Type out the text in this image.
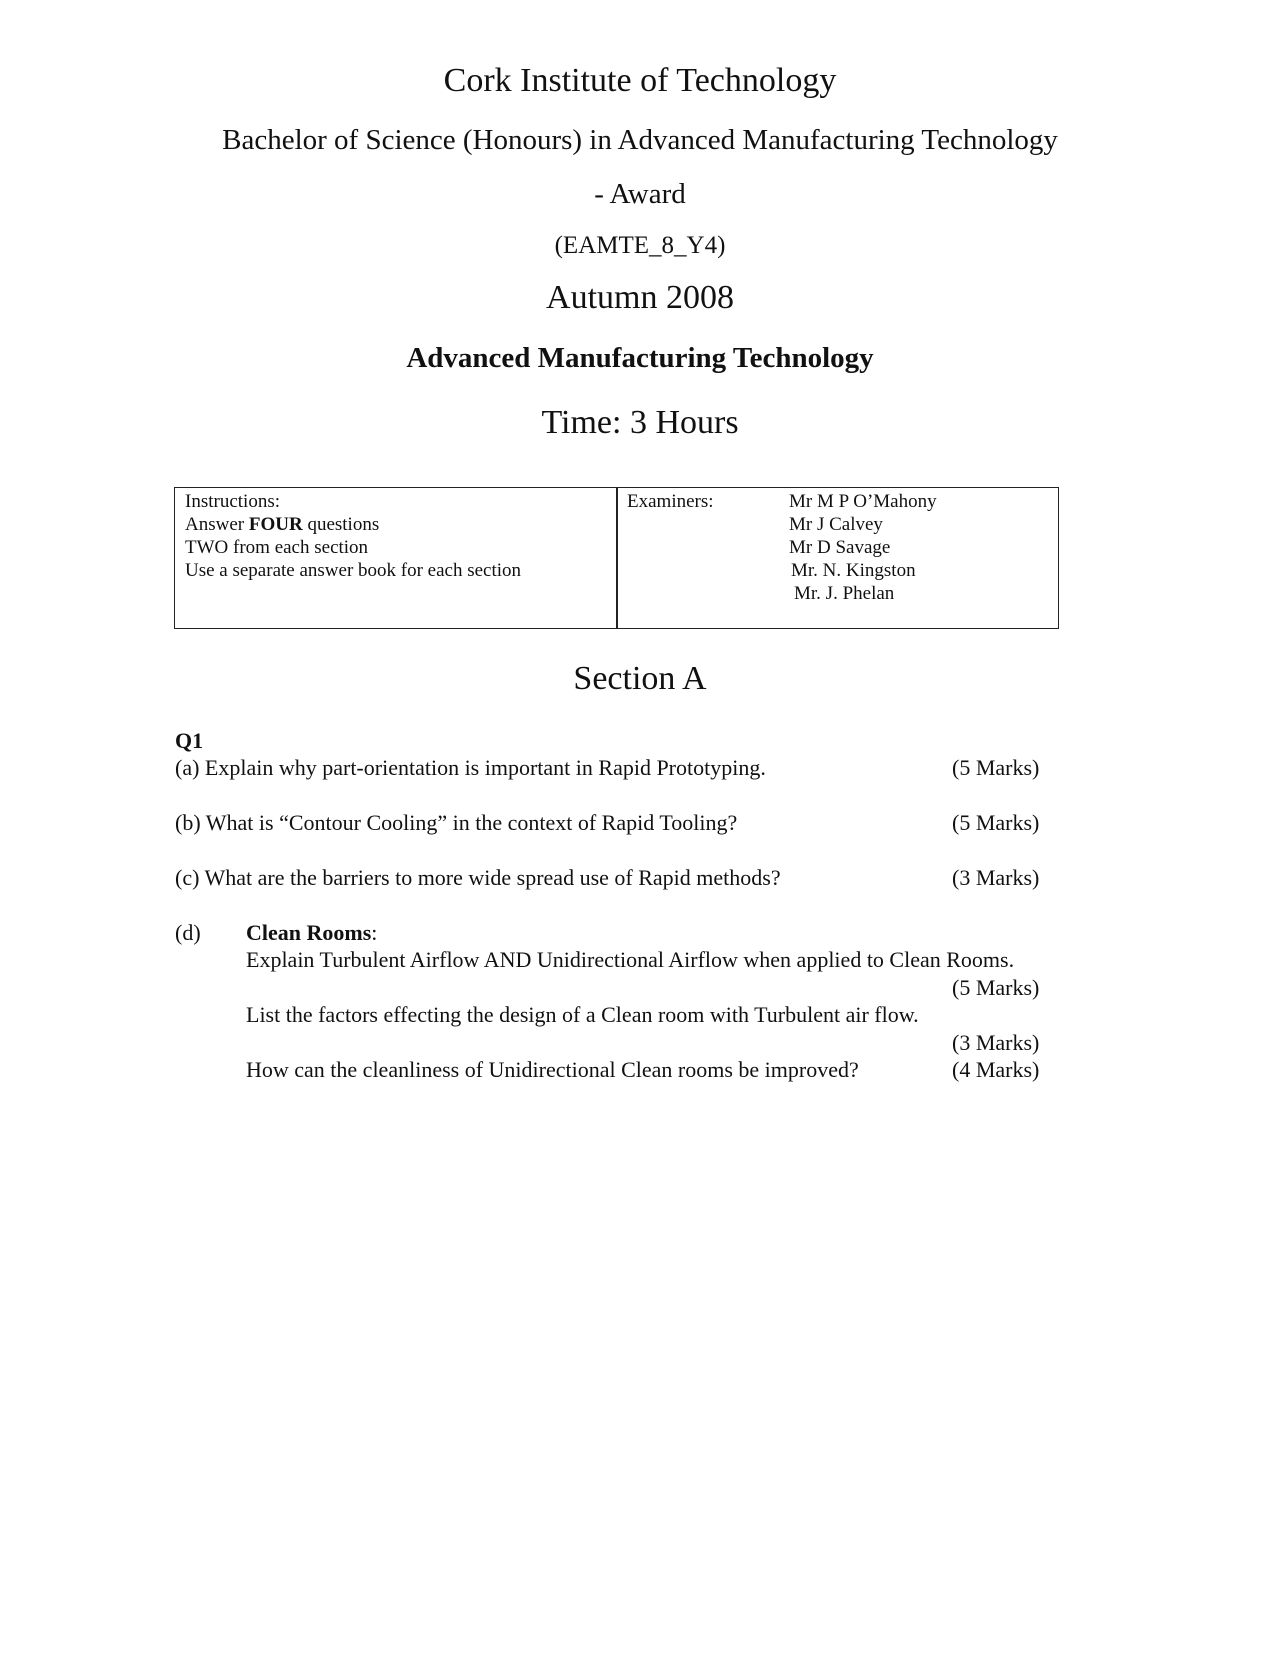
Cork Institute of Technology
Bachelor of Science (Honours) in Advanced Manufacturing Technology
- Award
(EAMTE_8_Y4)
Autumn 2008
Advanced Manufacturing Technology
Time: 3 Hours
Instructions:
Answer FOUR questions
TWO from each section
Use a separate answer book for each section
Examiners:	Mr M P O’Mahony
Mr J Calvey
Mr D Savage
Mr. N. Kingston
Mr. J. Phelan
Section A
Q1
(a) Explain why part-orientation is important in Rapid Prototyping.	(5 Marks)
(b) What is “Contour Cooling” in the context of Rapid Tooling?	(5 Marks)
(c) What are the barriers to more wide spread use of Rapid methods?	(3 Marks)
(d) Clean Rooms:
Explain Turbulent Airflow AND Unidirectional Airflow when applied to Clean Rooms.
(5 Marks)
List the factors effecting the design of a Clean room with Turbulent air flow.
(3 Marks)
How can the cleanliness of Unidirectional Clean rooms be improved?	(4 Marks)
